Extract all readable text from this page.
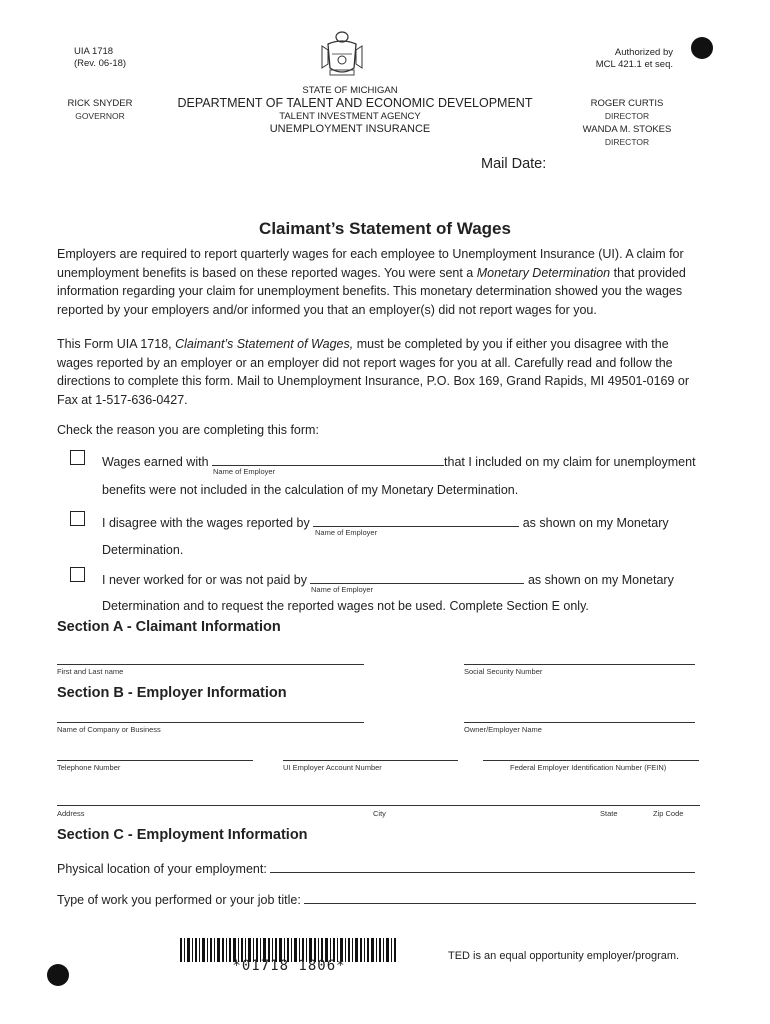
UIA 1718
(Rev. 06-18)
Authorized by
MCL 421.1 et seq.
STATE OF MICHIGAN
DEPARTMENT OF TALENT AND ECONOMIC DEVELOPMENT
TALENT INVESTMENT AGENCY
UNEMPLOYMENT INSURANCE
RICK SNYDER
GOVERNOR
ROGER CURTIS
DIRECTOR
WANDA M. STOKES
DIRECTOR
Mail Date:
Claimant’s Statement of Wages
Employers are required to report quarterly wages for each employee to Unemployment Insurance (UI). A claim for unemployment benefits is based on these reported wages. You were sent a Monetary Determination that provided information regarding your claim for unemployment benefits. This monetary determination showed you the wages reported by your employers and/or informed you that an employer(s) did not report wages for you.
This Form UIA 1718, Claimant’s Statement of Wages, must be completed by you if either you disagree with the wages reported by an employer or an employer did not report wages for you at all. Carefully read and follow the directions to complete this form. Mail to Unemployment Insurance, P.O. Box 169, Grand Rapids, MI 49501-0169 or Fax at 1-517-636-0427.
Check the reason you are completing this form:
Wages earned with	that I included on my claim for unemployment
Name of Employer
benefits were not included in the calculation of my Monetary Determination.
I disagree with the wages reported by	as shown on my Monetary
Name of Employer
Determination.
I never worked for or was not paid by	as shown on my Monetary
Name of Employer
Determination and to request the reported wages not be used. Complete Section E only.
Section A - Claimant Information
First and Last name	Social Security Number
Section B - Employer Information
Name of Company or Business	Owner/Employer Name
Telephone Number	UI Employer Account Number	Federal Employer Identification Number (FEIN)
Address	City	State	Zip Code
Section C - Employment Information
Physical location of your employment:
Type of work you performed or your job title:
*01718 1806*
TED is an equal opportunity employer/program.
